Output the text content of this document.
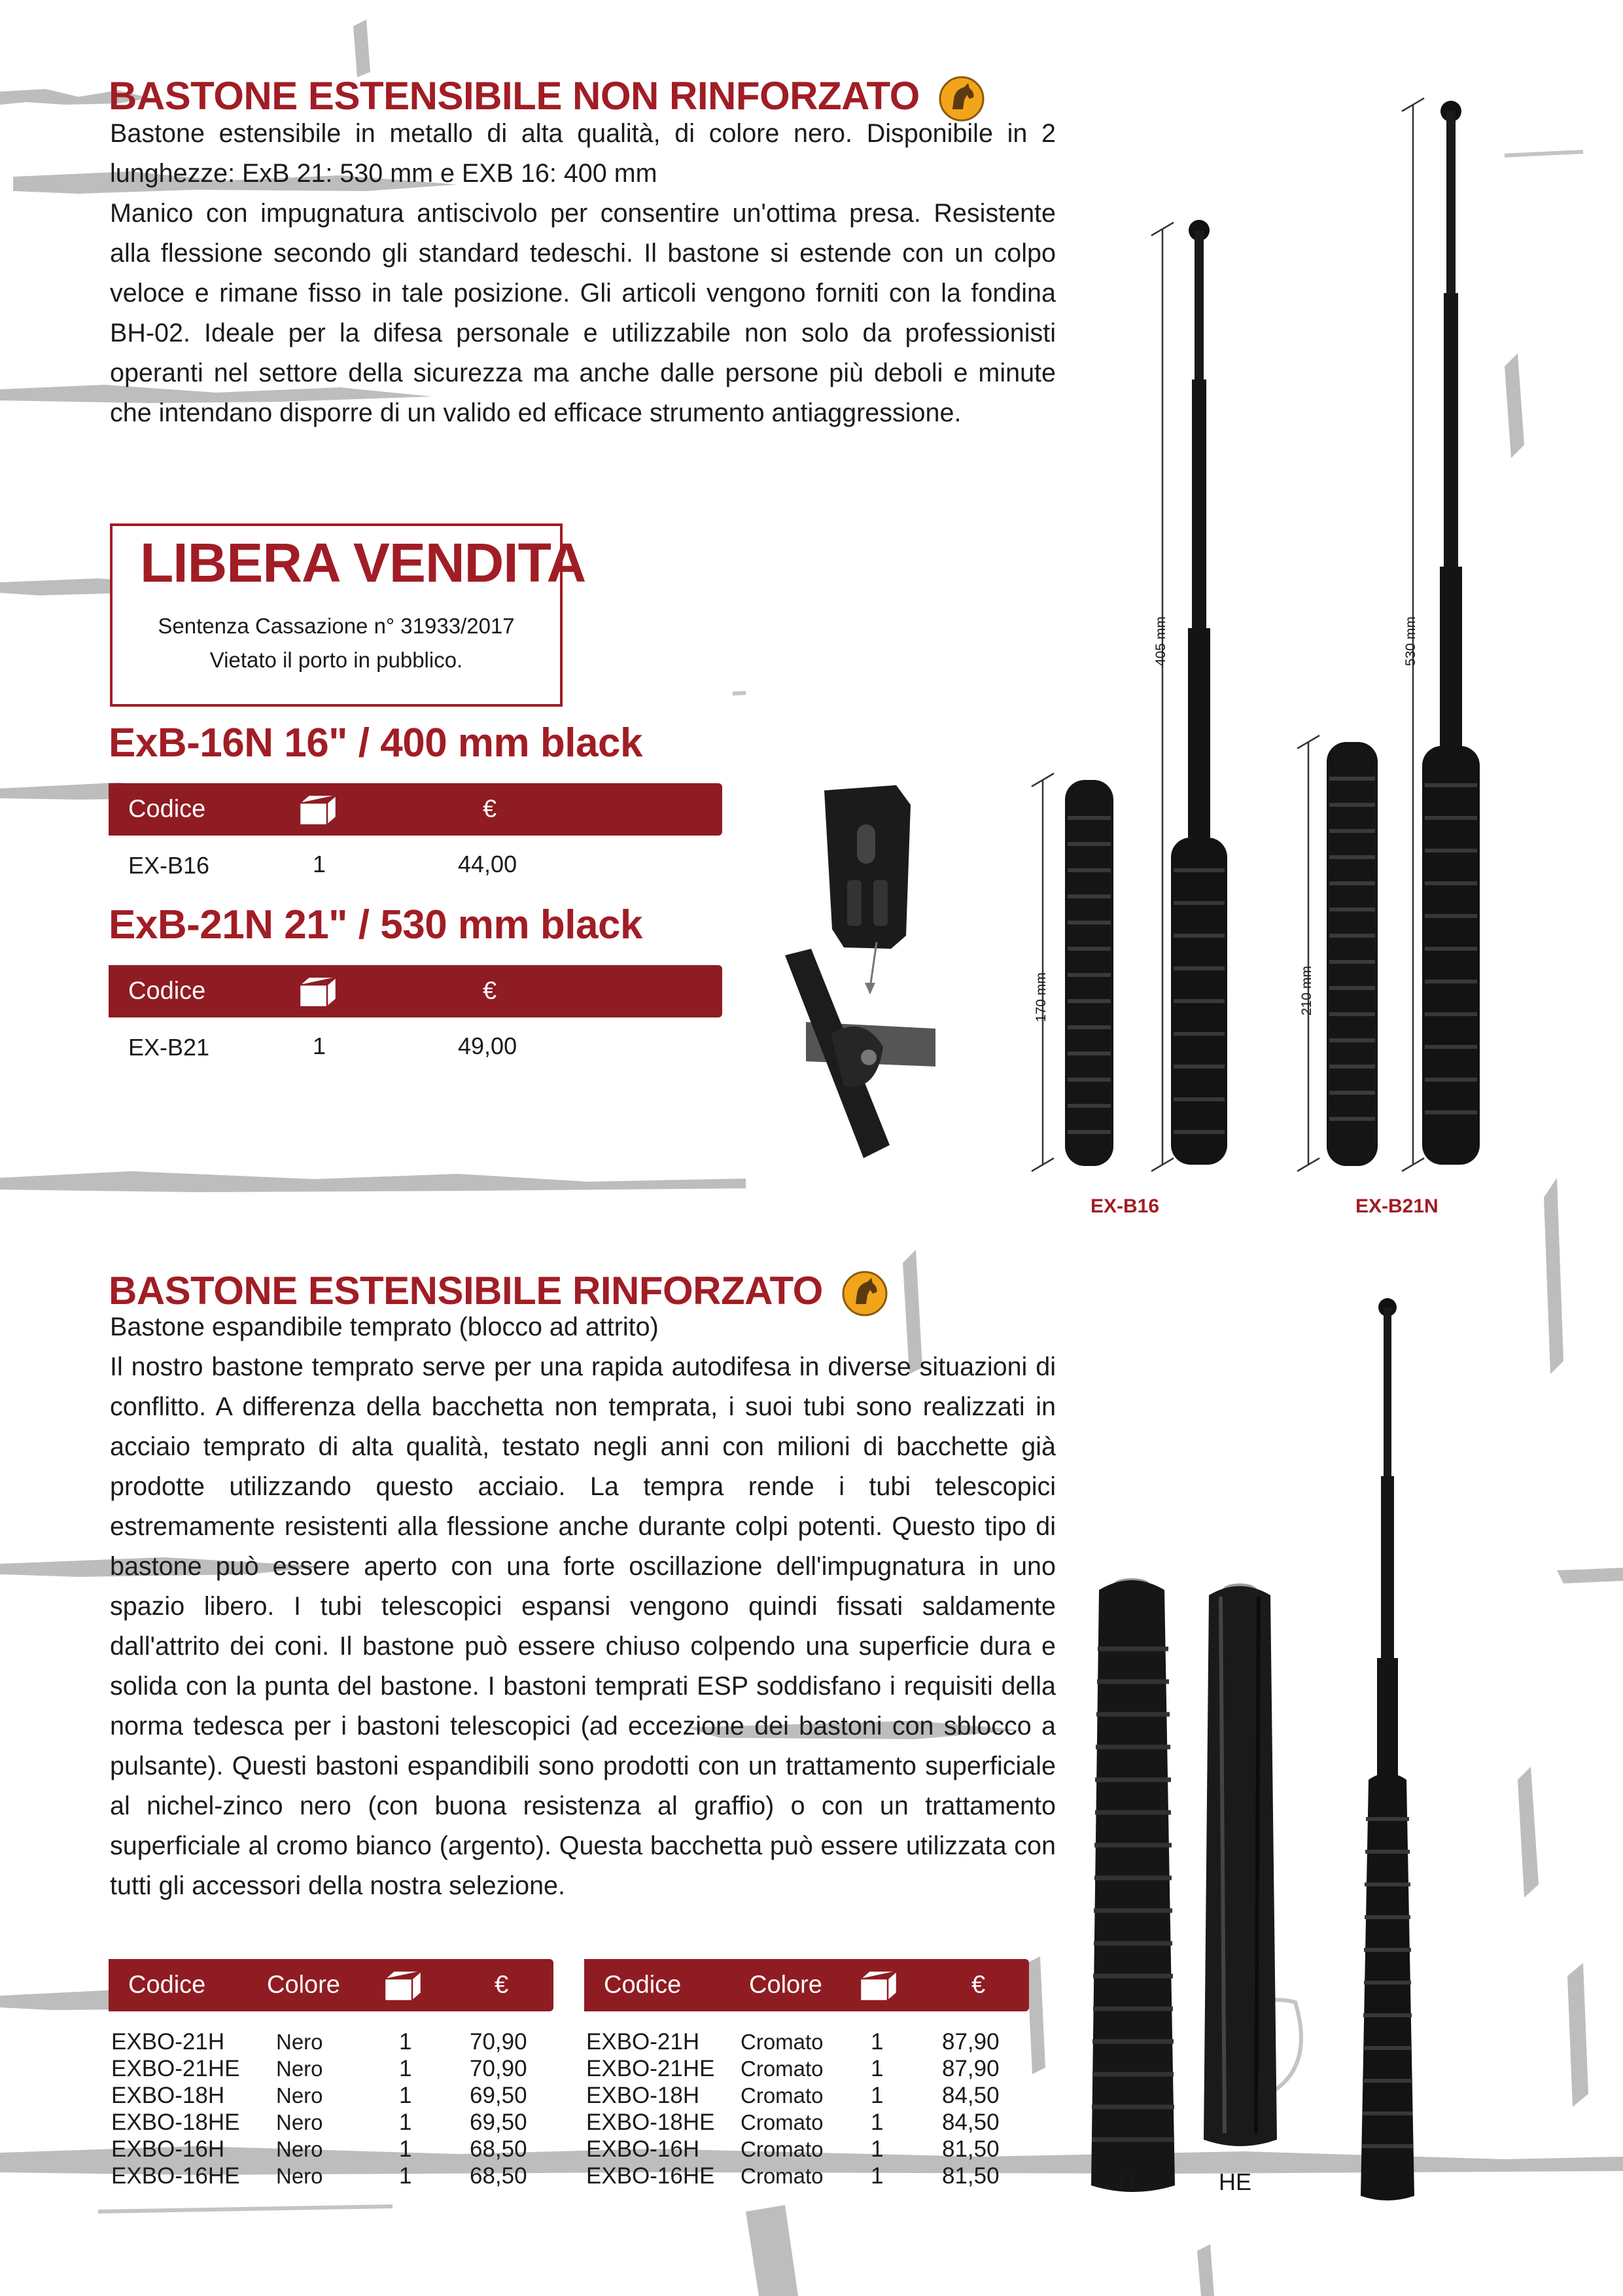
BASTONE ESTENSIBILE NON RINFORZATO

Bastone estensibile in metallo di alta qualità, di colore nero. Disponibile in 2 lunghezze: ExB 21: 530 mm e EXB 16: 400 mm

Manico con impugnatura antiscivolo per consentire un'ottima presa. Resistente alla flessione secondo gli standard tedeschi. Il bastone si estende con un colpo veloce e rimane fisso in tale posizione. Gli articoli vengono forniti con la fondina BH-02. Ideale per la difesa personale e utilizzabile non solo da professionisti operanti nel settore della sicurezza ma anche dalle persone più deboli e minute che intendano disporre di un valido ed efficace strumento antiaggressione.

LIBERA VENDITA
Sentenza Cassazione n° 31933/2017
Vietato il porto in pubblico.
ExB-16N 16" / 400 mm black
Codice	€
EX-B16	1	44,00
ExB-21N 21" / 530 mm black
Codice	€
EX-B21	1	49,00
405 mm	530 mm
170 mm	210 mm
EX-B16	EX-B21N
BASTONE ESTENSIBILE RINFORZATO

Bastone espandibile temprato (blocco ad attrito)

Il nostro bastone temprato serve per una rapida autodifesa in diverse situazioni di conflitto. A differenza della bacchetta non temprata, i suoi tubi sono realizzati in acciaio temprato di alta qualità, testato negli anni con milioni di bacchette già prodotte utilizzando questo acciaio. La tempra rende i tubi telescopici estremamente resistenti alla flessione anche durante colpi potenti. Questo tipo di bastone può essere aperto con una forte oscillazione dell'impugnatura in uno spazio libero. I tubi telescopici espansi vengono quindi fissati saldamente dall'attrito dei coni. Il bastone può essere chiuso colpendo una superficie dura e solida con la punta del bastone. I bastoni temprati ESP soddisfano i requisiti della norma tedesca per i bastoni telescopici (ad eccezione dei bastoni con sblocco a pulsante). Questi bastoni espandibili sono prodotti con un trattamento superficiale al nichel-zinco nero (con buona resistenza al graffio) o con un trattamento superficiale al cromo bianco (argento). Questa bacchetta può essere utilizzata con tutti gli accessori della nostra selezione.

Codice Colore	€
EXBO-21H Nero	1	70,90
EXBO-21HE Nero	1	70,90
EXBO-18H Nero	1	69,50
EXBO-18HE Nero	1	69,50
EXBO-16H Nero	1	68,50
EXBO-16HE Nero	1	68,50
Codice	Colore	€
EXBO-21H Cromato 1	87,90
EXBO-21HE Cromato 1	87,90
EXBO-18H Cromato 1	84,50
EXBO-18HE Cromato 1	84,50
EXBO-16H Cromato 1	81,50
EXBO-16HE Cromato 1	81,50	H	HE
